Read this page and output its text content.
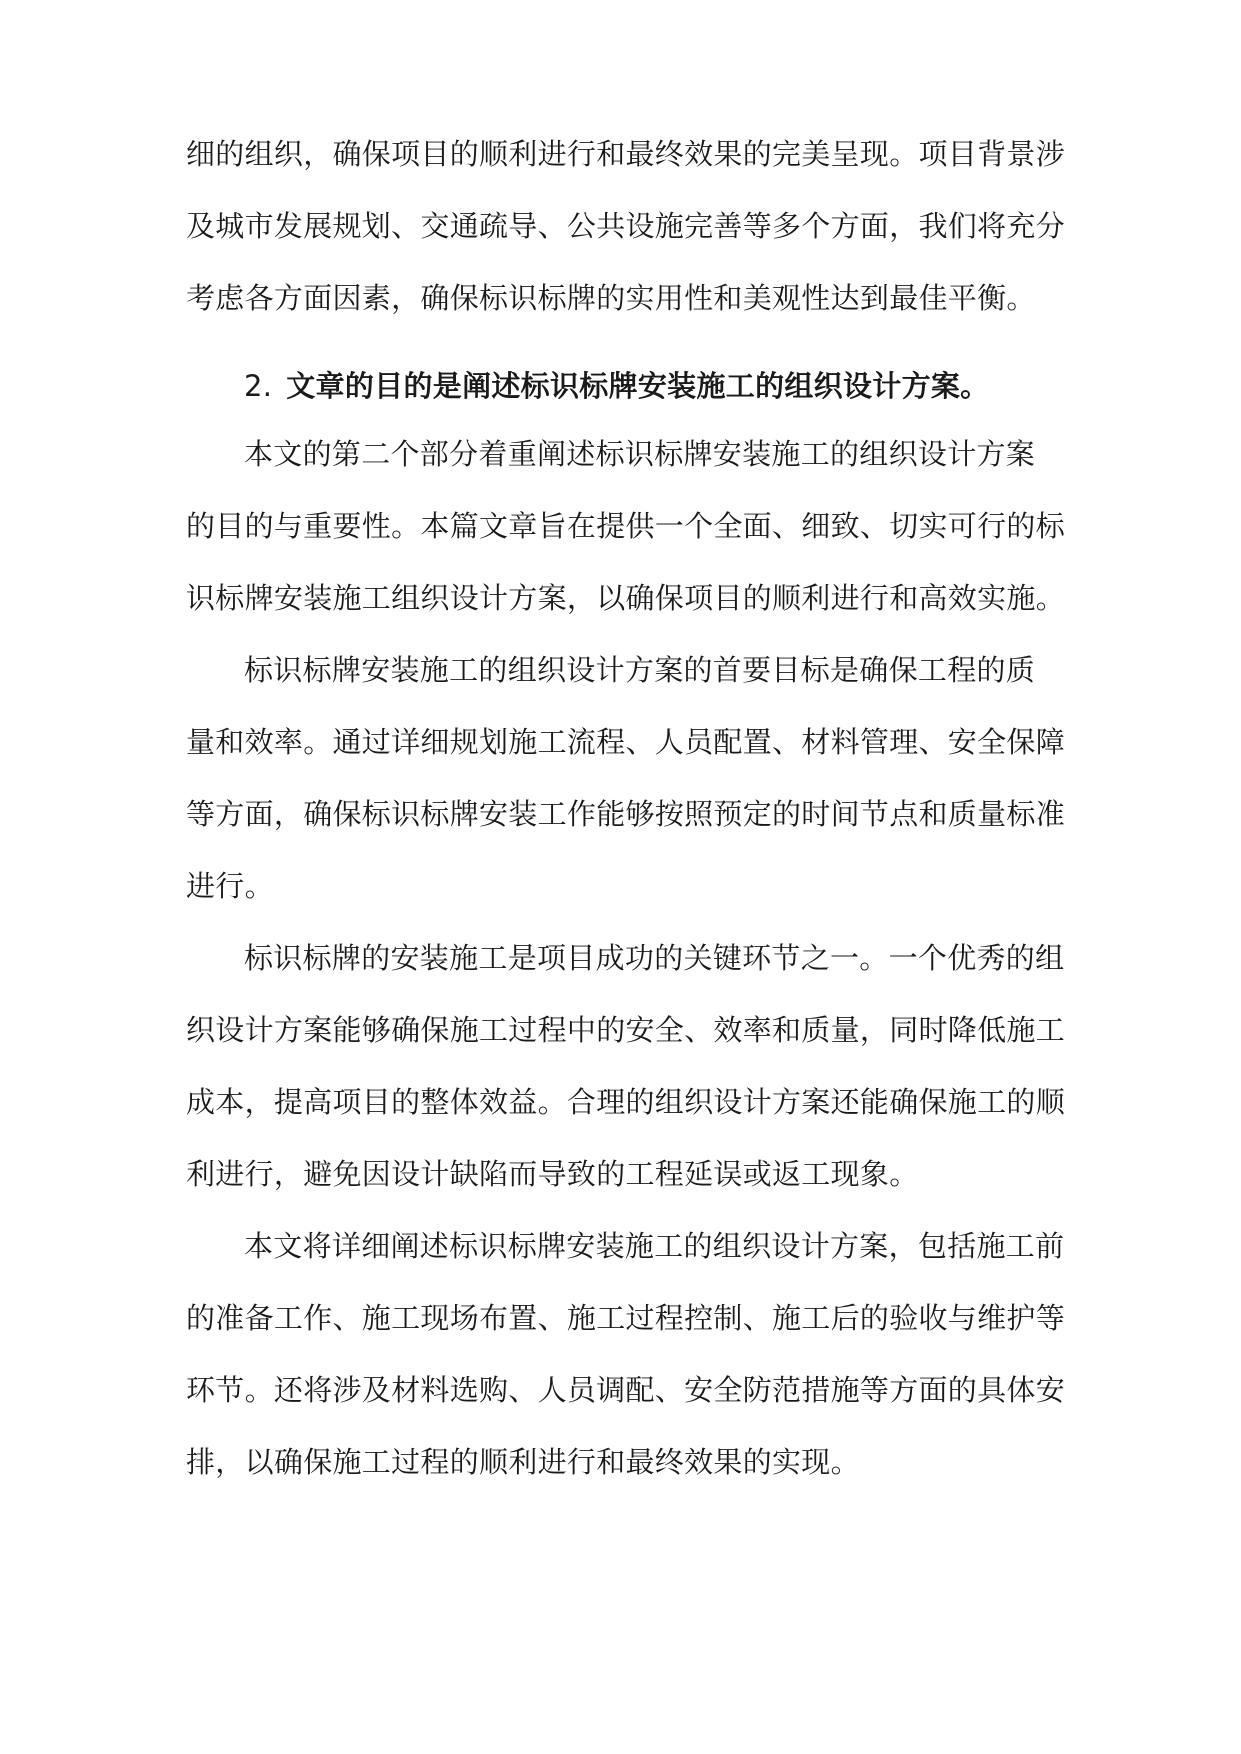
细的组织，确保项目的顺利进行和最终效果的完美呈现。项目背景涉
及城市发展规划、交通疏导、公共设施完善等多个方面，我们将充分
考虑各方面因素，确保标识标牌的实用性和美观性达到最佳平衡。
2. 文章的目的是阐述标识标牌安装施工的组织设计方案。
本文的第二个部分着重阐述标识标牌安装施工的组织设计方案
的目的与重要性。本篇文章旨在提供一个全面、细致、切实可行的标
识标牌安装施工组织设计方案，以确保项目的顺利进行和高效实施。
标识标牌安装施工的组织设计方案的首要目标是确保工程的质
量和效率。通过详细规划施工流程、人员配置、材料管理、安全保障
等方面，确保标识标牌安装工作能够按照预定的时间节点和质量标准
进行。
标识标牌的安装施工是项目成功的关键环节之一。一个优秀的组
织设计方案能够确保施工过程中的安全、效率和质量，同时降低施工
成本，提高项目的整体效益。合理的组织设计方案还能确保施工的顺
利进行，避免因设计缺陷而导致的工程延误或返工现象。
本文将详细阐述标识标牌安装施工的组织设计方案，包括施工前
的准备工作、施工现场布置、施工过程控制、施工后的验收与维护等
环节。还将涉及材料选购、人员调配、安全防范措施等方面的具体安
排，以确保施工过程的顺利进行和最终效果的实现。
